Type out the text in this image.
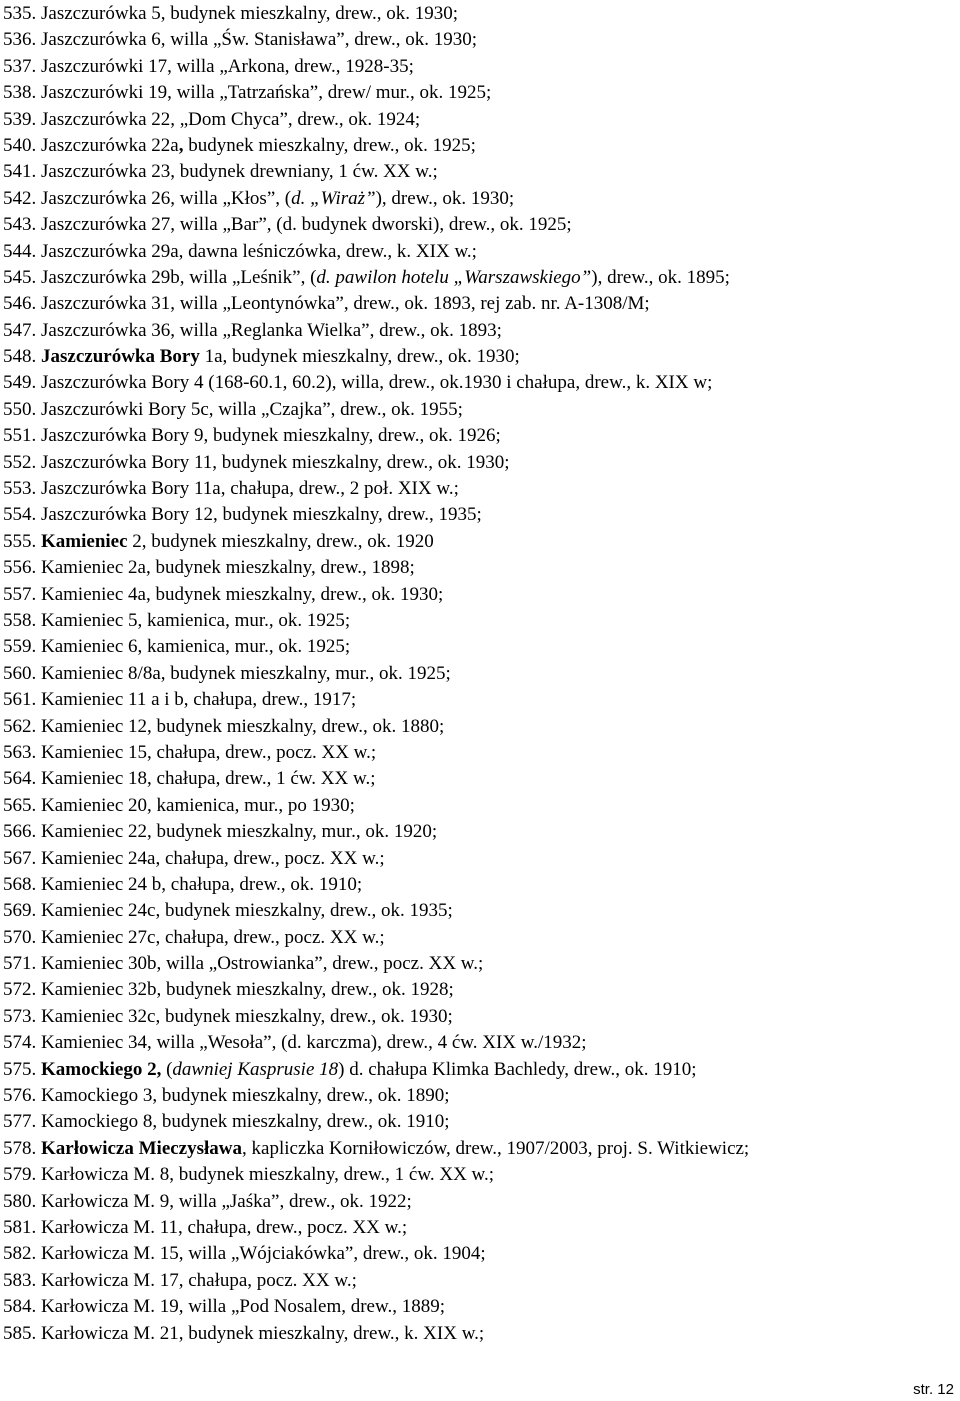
535. Jaszczurówka 5, budynek mieszkalny, drew., ok. 1930;
536. Jaszczurówka 6, willa „Św. Stanisława”, drew., ok. 1930;
537. Jaszczurówki 17, willa „Arkona, drew., 1928-35;
538. Jaszczurówki 19, willa „Tatrzańska”, drew/ mur., ok. 1925;
539. Jaszczurówka 22, „Dom Chyca”, drew., ok. 1924;
540. Jaszczurówka 22a, budynek mieszkalny, drew., ok. 1925;
541. Jaszczurówka 23, budynek drewniany, 1 ćw. XX w.;
542. Jaszczurówka 26, willa „Kłos”, (d. „Wiraż”), drew., ok. 1930;
543. Jaszczurówka 27, willa „Bar”, (d. budynek dworski), drew., ok. 1925;
544. Jaszczurówka 29a, dawna leśniczówka, drew., k. XIX w.;
545. Jaszczurówka 29b, willa „Leśnik”, (d. pawilon hotelu „Warszawskiego”), drew., ok. 1895;
546. Jaszczurówka 31, willa „Leontynówka”, drew., ok. 1893, rej zab. nr. A-1308/M;
547. Jaszczurówka 36, willa „Reglanka Wielka”, drew., ok. 1893;
548. Jaszczurówka Bory 1a, budynek mieszkalny, drew., ok. 1930;
549. Jaszczurówka Bory 4 (168-60.1, 60.2), willa, drew., ok.1930 i chałupa, drew., k. XIX w;
550. Jaszczurówki Bory 5c, willa „Czajka”, drew., ok. 1955;
551. Jaszczurówka Bory 9, budynek mieszkalny, drew., ok. 1926;
552. Jaszczurówka Bory 11, budynek mieszkalny, drew., ok. 1930;
553. Jaszczurówka Bory 11a, chałupa, drew., 2 poł. XIX w.;
554. Jaszczurówka Bory 12, budynek mieszkalny, drew., 1935;
555. Kamieniec 2, budynek mieszkalny, drew., ok. 1920
556. Kamieniec 2a, budynek mieszkalny, drew., 1898;
557. Kamieniec 4a, budynek mieszkalny, drew., ok. 1930;
558. Kamieniec 5, kamienica, mur., ok. 1925;
559. Kamieniec 6, kamienica, mur., ok. 1925;
560. Kamieniec 8/8a, budynek mieszkalny, mur., ok. 1925;
561. Kamieniec 11 a i b, chałupa, drew., 1917;
562. Kamieniec 12, budynek mieszkalny, drew., ok. 1880;
563. Kamieniec 15, chałupa, drew., pocz. XX w.;
564. Kamieniec 18, chałupa, drew., 1 ćw. XX w.;
565. Kamieniec 20, kamienica, mur., po 1930;
566. Kamieniec 22, budynek mieszkalny, mur., ok. 1920;
567. Kamieniec 24a, chałupa, drew., pocz. XX w.;
568. Kamieniec 24 b, chałupa, drew., ok. 1910;
569. Kamieniec 24c, budynek mieszkalny, drew., ok. 1935;
570. Kamieniec 27c, chałupa, drew., pocz. XX w.;
571. Kamieniec 30b, willa „Ostrowianka”, drew., pocz. XX w.;
572. Kamieniec 32b, budynek mieszkalny, drew., ok. 1928;
573. Kamieniec 32c, budynek mieszkalny, drew., ok. 1930;
574. Kamieniec 34, willa „Wesoła”, (d. karczma), drew., 4 ćw. XIX w./1932;
575. Kamockiego 2, (dawniej Kasprusie 18) d. chałupa Klimka Bachledy, drew., ok. 1910;
576. Kamockiego 3, budynek mieszkalny, drew., ok. 1890;
577. Kamockiego 8, budynek mieszkalny, drew., ok. 1910;
578. Karłowicza Mieczysława, kapliczka Korniłowiczów, drew., 1907/2003, proj. S. Witkiewicz;
579. Karłowicza M. 8, budynek mieszkalny, drew., 1 ćw. XX w.;
580. Karłowicza M. 9, willa „Jaśka”, drew., ok. 1922;
581. Karłowicza M. 11, chałupa, drew., pocz. XX w.;
582. Karłowicza M. 15, willa „Wójciakówka”, drew., ok. 1904;
583. Karłowicza M. 17, chałupa, pocz. XX w.;
584. Karłowicza M. 19, willa „Pod Nosalem, drew., 1889;
585. Karłowicza M. 21, budynek mieszkalny, drew., k. XIX w.;
str. 12
